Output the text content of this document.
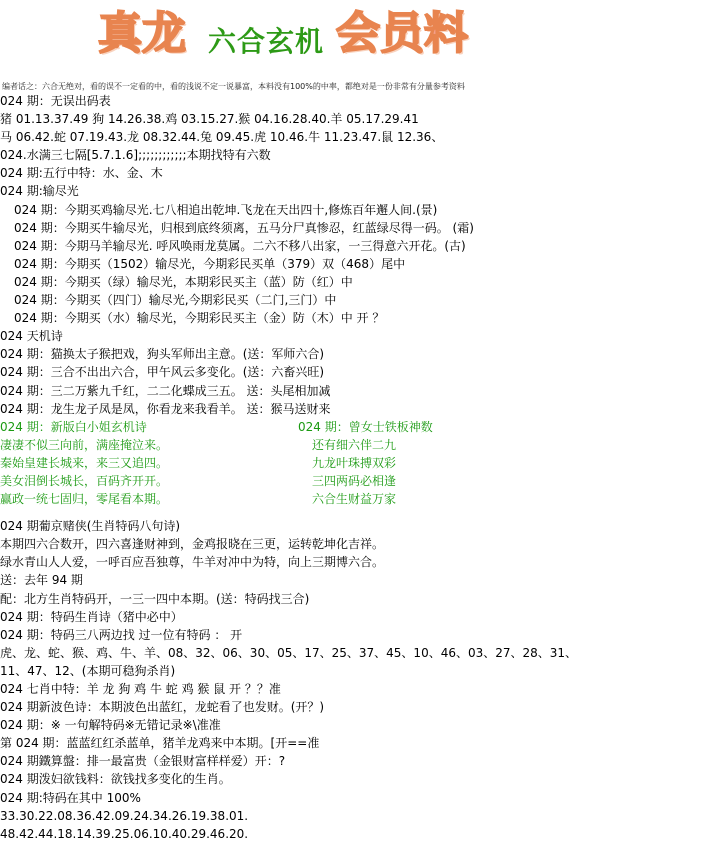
真龙 六合玄机 会员料
编者话之：六合无绝对，看的误不一定看的中，看的浅说不定一说暴富，本料没有100%的中率，都绝对是一份非常有分量参考资料
024 期：无误出码表
猪 01.13.37.49 狗 14.26.38.鸡 03.15.27.猴 04.16.28.40.羊 05.17.29.41
马 06.42.蛇 07.19.43.龙 08.32.44.兔 09.45.虎 10.46.牛 11.23.47.鼠 12.36、
024.水满三七隔[5.7.1.6];;;;;;;;;;;;本期找特有六数
024 期:五行中特：水、金、木
024 期:输尽光
024 期：今期买鸡输尽光.七八相追出乾坤.飞龙在天出四十,修炼百年邂人间.(景)
024 期：今期买牛输尽光，归根到底终须离，五马分尸真惨忍，红蓝绿尽得一码。 (霜)
024 期：今期马羊输尽光. 呼风唤雨龙莫属。二六不移八出家，一三得意六开花。(古)
024 期：今期买（1502）输尽光，今期彩民买单（379）双（468）尾中
024 期：今期买（绿）输尽光，本期彩民买主（蓝）防（红）中
024 期：今期买（四门）输尽光,今期彩民买（二门,三门）中
024 期：今期买（水）输尽光，今期彩民买主（金）防（木）中 开 ？
024 天机诗
024 期：猫换太子猴把戏，狗头军师出主意。(送：军师六合)
024 期：三合不出出六合，甲午风云多变化。(送：六畜兴旺)
024 期：三二万紫九千红，二二化蝶成三五。 送：头尾相加减
024 期：龙生龙子凤是凤，你看龙来我看羊。 送：猴马送财来
024 期：新版白小姐玄机诗	024 期：曾女士铁板神数
凄凄不似三向前，满座掩泣来。	还有细六伴二九
秦始皇建长城来，来三又追四。	九龙叶珠搏双彩
美女泪倒长城长，百码齐开开。	三四两码必相逢
赢政一统七固归，零尾看本期。	六合生财益万家
024 期葡京赌侠(生肖特码八句诗)
本期四六合数开，四六喜逢财神到，金鸡报晓在三更，运转乾坤化吉祥。
绿水青山人人爱，一呼百应吾独尊，牛羊对冲中为特，向上三期博六合。
送：去年 94 期
配：北方生肖特码开，一三一四中本期。(送：特码找三合)
024 期：特码生肖诗（猪中必中）
024 期：特码三八两边找 过一位有特码 ： 开
虎、龙、蛇、猴、鸡、牛、羊、08、32、06、30、05、17、25、37、45、10、46、03、27、28、31、
11、47、12、(本期可稳狗杀肖)
024 七肖中特：羊 龙 狗 鸡 牛 蛇 鸡 猴 鼠 开 ？？准
024 期新波色诗：本期波色出蓝红，龙蛇看了也发财。(开？)
024 期：※ 一句解特码※无错记录※\准准
第 024 期：蓝蓝红红杀蓝单，猪羊龙鸡来中本期。[开==准
024 期鐵算盤：排一最富贵（金银财富样样爱）开：?
024 期泼妇欲钱料：欲钱找多变化的生肖。
024 期:特码在其中 100%
33.30.22.08.36.42.09.24.34.26.19.38.01.
48.42.44.18.14.39.25.06.10.40.29.46.20.
